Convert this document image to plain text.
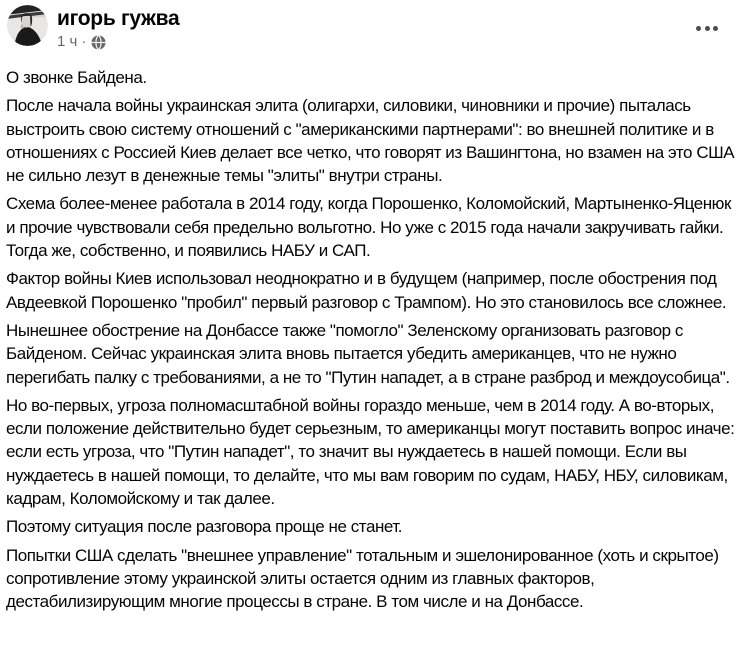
игорь гужва
1 ч ·

О звонке Байдена.

После начала войны украинская элита (олигархи, силовики, чиновники и прочие) пыталась выстроить свою систему отношений с "американскими партнерами": во внешней политике и в отношениях с Россией Киев делает все четко, что говорят из Вашингтона, но взамен на это США не сильно лезут в денежные темы "элиты" внутри страны.

Схема более-менее работала в 2014 году, когда Порошенко, Коломойский, Мартыненко-Яценюк и прочие чувствовали себя предельно вольготно. Но уже с 2015 года начали закручивать гайки. Тогда же, собственно, и появились НАБУ и САП.

Фактор войны Киев использовал неоднократно и в будущем (например, после обострения под Авдеевкой Порошенко "пробил" первый разговор с Трампом). Но это становилось все сложнее.

Нынешнее обострение на Донбассе также "помогло" Зеленскому организовать разговор с Байденом. Сейчас украинская элита вновь пытается убедить американцев, что не нужно перегибать палку с требованиями, а не то "Путин нападет, а в стране разброд и междоусобица".

Но во-первых, угроза полномасштабной войны гораздо меньше, чем в 2014 году. А во-вторых, если положение действительно будет серьезным, то американцы могут поставить вопрос иначе: если есть угроза, что "Путин нападет", то значит вы нуждаетесь в нашей помощи. Если вы нуждаетесь в нашей помощи, то делайте, что мы вам говорим по судам, НАБУ, НБУ, силовикам, кадрам, Коломойскому и так далее.

Поэтому ситуация после разговора проще не станет.

Попытки США сделать "внешнее управление" тотальным и эшелонированное (хоть и скрытое) сопротивление этому украинской элиты остается одним из главных факторов, дестабилизирующим многие процессы в стране. В том числе и на Донбассе.
